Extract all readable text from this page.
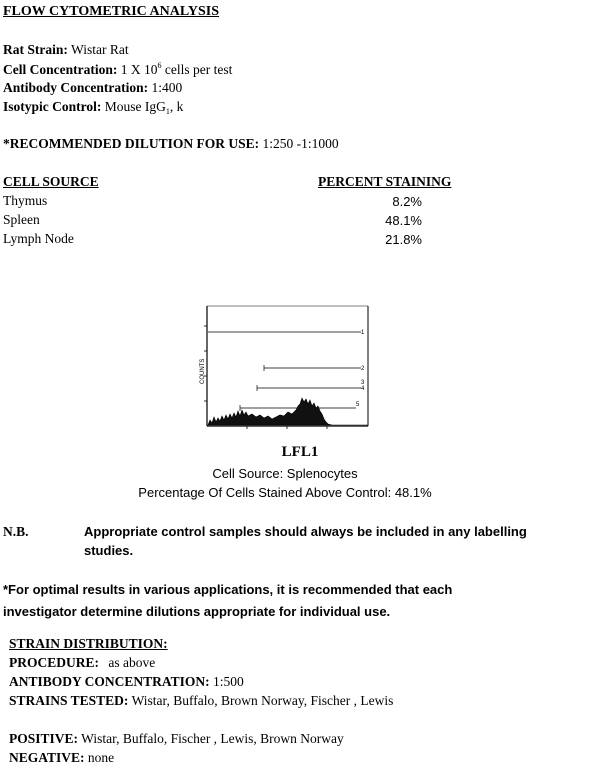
FLOW CYTOMETRIC ANALYSIS
Rat Strain: Wistar Rat
Cell Concentration: 1 X $10^6$ cells per test
Antibody Concentration: 1:400
Isotypic Control: Mouse IgG$_1$, k
*RECOMMENDED DILUTION FOR USE: 1:250 -1:1000
CELL SOURCE	PERCENT STAINING
Thymus	8.2%
Spleen	48.1%
Lymph Node	21.8%
COUNTS
1
2
3
4
5
LFL1
Cell Source: Splenocytes
Percentage Of Cells Stained Above Control: 48.1%
N.B.	Appropriate control samples should always be included in any labelling
studies.
*For optimal results in various applications, it is recommended that each
investigator determine dilutions appropriate for individual use.
STRAIN DISTRIBUTION:
PROCEDURE: as above
ANTIBODY CONCENTRATION: 1:500
STRAINS TESTED: Wistar, Buffalo, Brown Norway, Fischer , Lewis
POSITIVE: Wistar, Buffalo, Fischer , Lewis, Brown Norway
NEGATIVE: none
